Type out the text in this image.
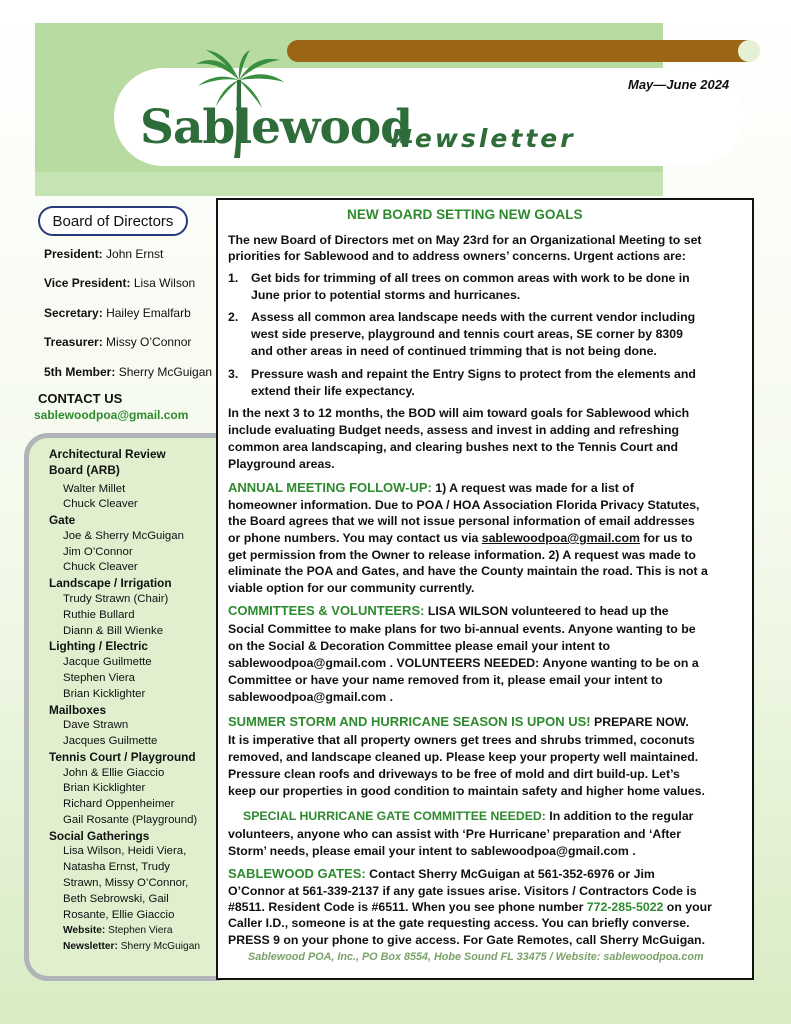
Sablewood
Newsletter
May—June 2024
Board of Directors
President: John Ernst
Vice President: Lisa Wilson
Secretary: Hailey Emalfarb
Treasurer: Missy O’Connor
5th Member: Sherry McGuigan
CONTACT US
sablewoodpoa@gmail.com
Architectural Review
Board (ARB)
Walter Millet
Chuck Cleaver
Gate
Joe & Sherry McGuigan
Jim O’Connor
Chuck Cleaver
Landscape / Irrigation
Trudy Strawn (Chair)
Ruthie Bullard
Diann & Bill Wienke
Lighting / Electric
Jacque Guilmette
Stephen Viera
Brian Kicklighter
Mailboxes
Dave Strawn
Jacques Guilmette
Tennis Court / Playground
John & Ellie Giaccio
Brian Kicklighter
Richard Oppenheimer
Gail Rosante (Playground)
Social Gatherings
Lisa Wilson, Heidi Viera,
Natasha Ernst, Trudy
Strawn, Missy O’Connor,
Beth Sebrowski, Gail
Rosante, Ellie Giaccio
Website: Stephen Viera
Newsletter: Sherry McGuigan
NEW BOARD SETTING NEW GOALS
The new Board of Directors met on May 23rd for an Organizational Meeting to set
priorities for Sablewood and to address owners’ concerns. Urgent actions are:
1. Get bids for trimming of all trees on common areas with work to be done in
June prior to potential storms and hurricanes.
2. Assess all common area landscape needs with the current vendor including
west side preserve, playground and tennis court areas, SE corner by 8309
and other areas in need of continued trimming that is not being done.
3. Pressure wash and repaint the Entry Signs to protect from the elements and
extend their life expectancy.
In the next 3 to 12 months, the BOD will aim toward goals for Sablewood which
include evaluating Budget needs, assess and invest in adding and refreshing
common area landscaping, and clearing bushes next to the Tennis Court and
Playground areas.
ANNUAL MEETING FOLLOW-UP: 1) A request was made for a list of
homeowner information. Due to POA / HOA Association Florida Privacy Statutes,
the Board agrees that we will not issue personal information of email addresses
or phone numbers. You may contact us via sablewoodpoa@gmail.com for us to
get permission from the Owner to release information. 2) A request was made to
eliminate the POA and Gates, and have the County maintain the road. This is not a
viable option for our community currently.
COMMITTEES & VOLUNTEERS: LISA WILSON volunteered to head up the
Social Committee to make plans for two bi-annual events. Anyone wanting to be
on the Social & Decoration Committee please email your intent to
sablewoodpoa@gmail.com . VOLUNTEERS NEEDED: Anyone wanting to be on a
Committee or have your name removed from it, please email your intent to
sablewoodpoa@gmail.com .
SUMMER STORM AND HURRICANE SEASON IS UPON US! PREPARE NOW.
It is imperative that all property owners get trees and shrubs trimmed, coconuts
removed, and landscape cleaned up. Please keep your property well maintained.
Pressure clean roofs and driveways to be free of mold and dirt build-up. Let’s
keep our properties in good condition to maintain safety and higher home values.
SPECIAL HURRICANE GATE COMMITTEE NEEDED: In addition to the regular
volunteers, anyone who can assist with ‘Pre Hurricane’ preparation and ‘After
Storm’ needs, please email your intent to sablewoodpoa@gmail.com .
SABLEWOOD GATES: Contact Sherry McGuigan at 561-352-6976 or Jim
O’Connor at 561-339-2137 if any gate issues arise. Visitors / Contractors Code is
#8511. Resident Code is #6511. When you see phone number 772-285-5022 on your
Caller I.D., someone is at the gate requesting access. You can briefly converse.
PRESS 9 on your phone to give access. For Gate Remotes, call Sherry McGuigan.
Sablewood POA, Inc., PO Box 8554, Hobe Sound FL 33475 / Website: sablewoodpoa.com
